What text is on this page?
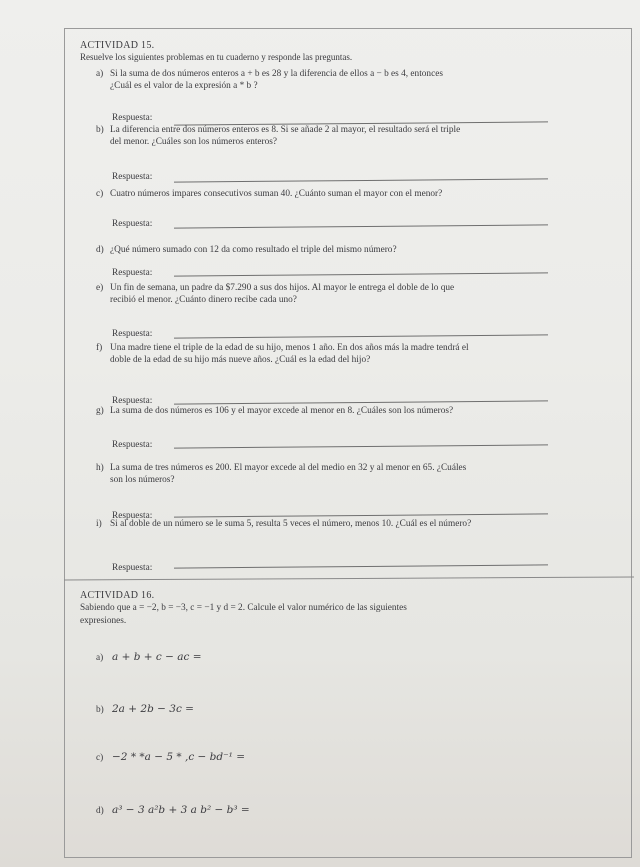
ACTIVIDAD 15.
Resuelve los siguientes problemas en tu cuaderno y responde las preguntas.
a) Si la suma de dos números enteros a + b es 28 y la diferencia de ellos a − b es 4, entonces
¿Cuál es el valor de la expresión a * b ?
Respuesta:
b) La diferencia entre dos números enteros es 8. Si se añade 2 al mayor, el resultado será el triple
del menor. ¿Cuáles son los números enteros?
Respuesta:
c) Cuatro números impares consecutivos suman 40. ¿Cuánto suman el mayor con el menor?
Respuesta:
d) ¿Qué número sumado con 12 da como resultado el triple del mismo número?
Respuesta:
e) Un fin de semana, un padre da $7.290 a sus dos hijos. Al mayor le entrega el doble de lo que
recibió el menor. ¿Cuánto dinero recibe cada uno?
Respuesta:
f) Una madre tiene el triple de la edad de su hijo, menos 1 año. En dos años más la madre tendrá el
doble de la edad de su hijo más nueve años. ¿Cuál es la edad del hijo?
Respuesta:
g) La suma de dos números es 106 y el mayor excede al menor en 8. ¿Cuáles son los números?
Respuesta:
h) La suma de tres números es 200. El mayor excede al del medio en 32 y al menor en 65. ¿Cuáles
son los números?
Respuesta:
i) Si al doble de un número se le suma 5, resulta 5 veces el número, menos 10. ¿Cuál es el número?
Respuesta:
ACTIVIDAD 16.
Sabiendo que a = −2, b = −3, c = −1 y d = 2. Calcule el valor numérico de las siguientes
expresiones.
a) a + b + c − ac =
b) 2a + 2b − 3c =
c) −2 * *a − 5 * ,c − bd⁻¹ =
d) a³ − 3 a²b + 3 a b² − b³ =
